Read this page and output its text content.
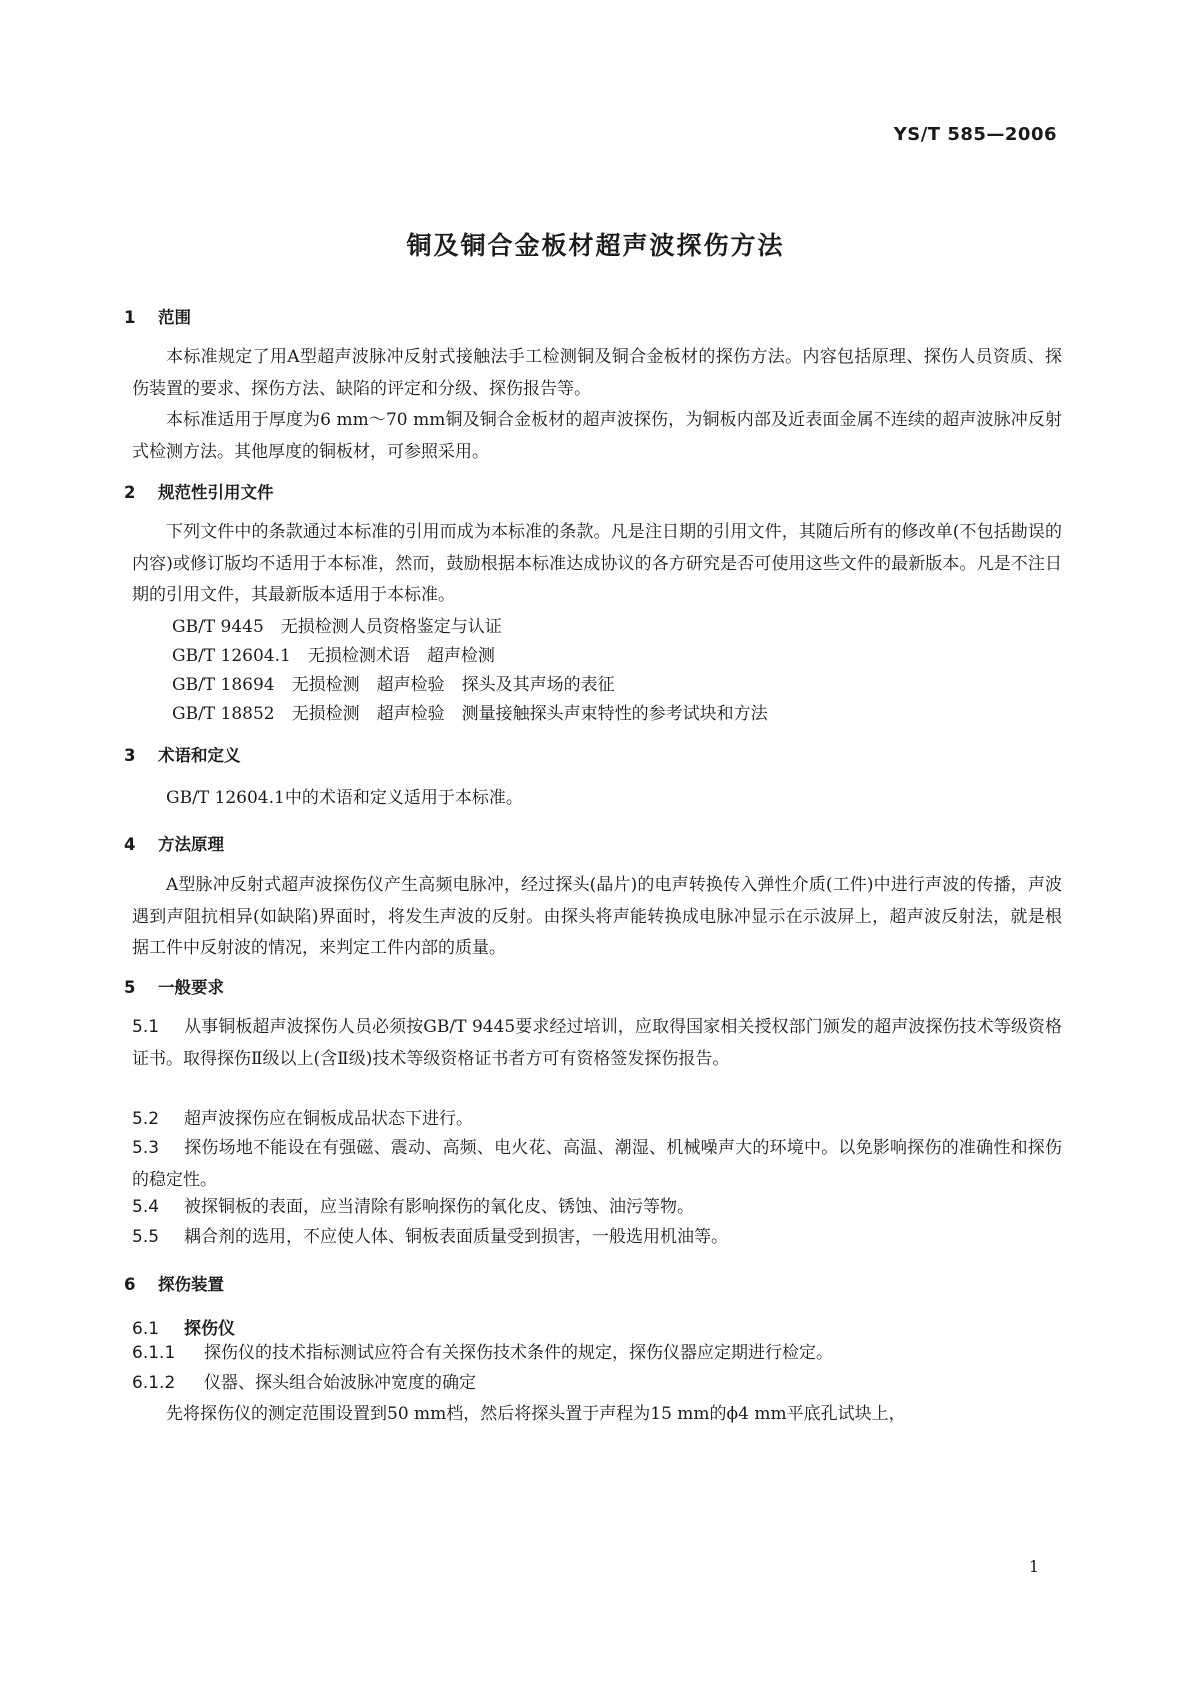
YS/T 585—2006
铜及铜合金板材超声波探伤方法
1 范围
本标准规定了用A型超声波脉冲反射式接触法手工检测铜及铜合金板材的探伤方法。内容包括原理、探伤人员资质、探伤装置的要求、探伤方法、缺陷的评定和分级、探伤报告等。
本标准适用于厚度为6 mm～70 mm铜及铜合金板材的超声波探伤，为铜板内部及近表面金属不连续的超声波脉冲反射式检测方法。其他厚度的铜板材，可参照采用。
2 规范性引用文件
下列文件中的条款通过本标准的引用而成为本标准的条款。凡是注日期的引用文件，其随后所有的修改单(不包括勘误的内容)或修订版均不适用于本标准，然而，鼓励根据本标准达成协议的各方研究是否可使用这些文件的最新版本。凡是不注日期的引用文件，其最新版本适用于本标准。
GB/T 9445　 无损检测人员资格鉴定与认证
GB/T 12604.1　 无损检测术语　超声检测
GB/T 18694　 无损检测　超声检验　探头及其声场的表征
GB/T 18852　 无损检测　超声检验　测量接触探头声束特性的参考试块和方法
3 术语和定义
GB/T 12604.1中的术语和定义适用于本标准。
4 方法原理
A型脉冲反射式超声波探伤仪产生高频电脉冲，经过探头(晶片)的电声转换传入弹性介质(工件)中进行声波的传播，声波遇到声阻抗相异(如缺陷)界面时，将发生声波的反射。由探头将声能转换成电脉冲显示在示波屏上，超声波反射法，就是根据工件中反射波的情况，来判定工件内部的质量。
5 一般要求
5.1 从事铜板超声波探伤人员必须按GB/T 9445要求经过培训，应取得国家相关授权部门颁发的超声波探伤技术等级资格证书。取得探伤Ⅱ级以上(含Ⅱ级)技术等级资格证书者方可有资格签发探伤报告。
5.2 超声波探伤应在铜板成品状态下进行。
5.3 探伤场地不能设在有强磁、震动、高频、电火花、高温、潮湿、机械噪声大的环境中。以免影响探伤的准确性和探伤的稳定性。
5.4 被探铜板的表面，应当清除有影响探伤的氧化皮、锈蚀、油污等物。
5.5 耦合剂的选用，不应使人体、铜板表面质量受到损害，一般选用机油等。
6 探伤装置
6.1 探伤仪
6.1.1 探伤仪的技术指标测试应符合有关探伤技术条件的规定，探伤仪器应定期进行检定。
6.1.2 仪器、探头组合始波脉冲宽度的确定
先将探伤仪的测定范围设置到50 mm档，然后将探头置于声程为15 mm的ϕ4 mm平底孔试块上，
1
